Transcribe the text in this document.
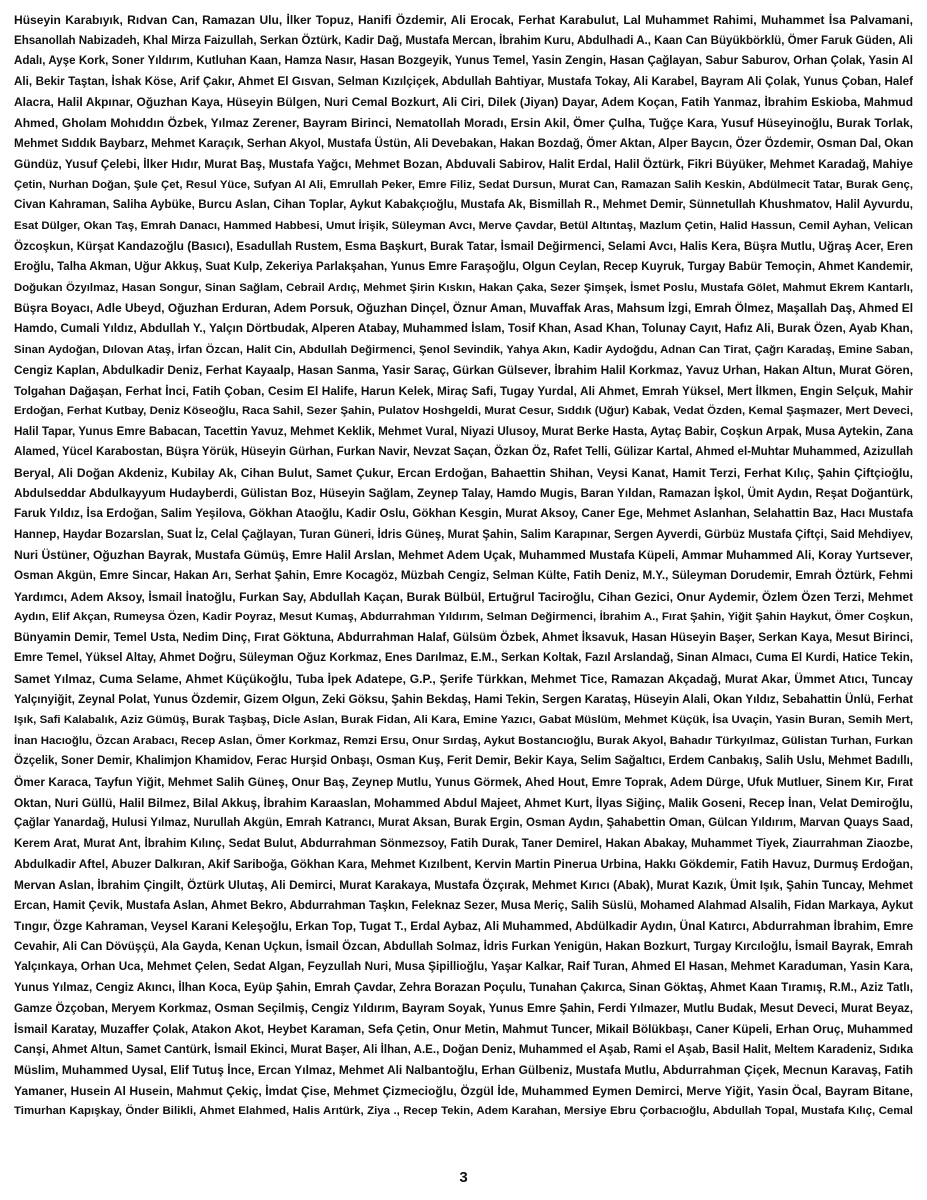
Hüseyin Karabıyık, Rıdvan Can, Ramazan Ulu, İlker Topuz, Hanifi Özdemir, Ali Erocak, Ferhat Karabulut, Lal Muhammet Rahimi, Muhammet İsa Palvamani,
Ehsanollah Nabizadeh, Khal Mirza Faizullah, Serkan Öztürk, Kadir Dağ, Mustafa Mercan, İbrahim Kuru, Abdulhadi A., Kaan Can Büyükbörklü, Ömer Faruk Güden, Ali
Adalı, Ayşe Kork, Soner Yıldırım, Kutluhan Kaan, Hamza Nasır, Hasan Bozgeyik, Yunus Temel, Yasin Zengin, Hasan Çağlayan, Sabur Saburov, Orhan Çolak, Yasin Al
Ali, Bekir Taştan, İshak Köse, Arif Çakır, Ahmet El Gısvan, Selman Kızılçiçek, Abdullah Bahtiyar, Mustafa Tokay, Ali Karabel, Bayram Ali Çolak, Yunus Çoban, Halef
Alacra, Halil Akpınar, Oğuzhan Kaya, Hüseyin Bülgen, Nuri Cemal Bozkurt, Ali Ciri, Dilek (Jiyan) Dayar, Adem Koçan, Fatih Yanmaz, İbrahim Eskioba, Mahmud
Ahmed, Gholam Mohıddın Özbek, Yılmaz Zerener, Bayram Birinci, Nematollah Moradı, Ersin Akil, Ömer Çulha, Tuğçe Kara, Yusuf Hüseyinoğlu, Burak Torlak,
Mehmet Sıddık Baybarz, Mehmet Karaçık, Serhan Akyol, Mustafa Üstün, Ali Devebakan, Hakan Bozdağ, Ömer Aktan, Alper Baycın, Özer Özdemir, Osman Dal, Okan
Gündüz, Yusuf Çelebi, İlker Hıdır, Murat Baş, Mustafa Yağcı, Mehmet Bozan, Abduvali Sabirov, Halit Erdal, Halil Öztürk, Fikri Büyüker, Mehmet Karadağ, Mahiye
Çetin, Nurhan Doğan, Şule Çet, Resul Yüce, Sufyan Al Ali, Emrullah Peker, Emre Filiz, Sedat Dursun, Murat Can, Ramazan Salih Keskin, Abdülmecit Tatar, Burak Genç,
Civan Kahraman, Saliha Aybüke, Burcu Aslan, Cihan Toplar, Aykut Kabakçıoğlu, Mustafa Ak, Bismillah R., Mehmet Demir, Sünnetullah Khushmatov, Halil Ayvurdu,
Esat Dülger, Okan Taş, Emrah Danacı, Hammed Habbesi, Umut İrişik, Süleyman Avcı, Merve Çavdar, Betül Altıntaş, Mazlum Çetin, Halid Hassun, Cemil Ayhan, Velican
Özcoşkun, Kürşat Kandazoğlu (Basıcı), Esadullah Rustem, Esma Başkurt, Burak Tatar, İsmail Değirmenci, Selami Avcı, Halis Kera, Büşra Mutlu, Uğraş Acer, Eren
Eroğlu, Talha Akman, Uğur Akkuş, Suat Kulp, Zekeriya Parlakşahan, Yunus Emre Faraşoğlu, Olgun Ceylan, Recep Kuyruk, Turgay Babür Temoçin, Ahmet Kandemir,
Doğukan Özyılmaz, Hasan Songur, Sinan Sağlam, Cebrail Ardıç, Mehmet Şirin Kıskın, Hakan Çaka, Sezer Şimşek, İsmet Poslu, Mustafa Gölet, Mahmut Ekrem Kantarlı,
Büşra Boyacı, Adle Ubeyd, Oğuzhan Erduran, Adem Porsuk, Oğuzhan Dinçel, Öznur Aman, Muvaffak Aras, Mahsum İzgi, Emrah Ölmez, Maşallah Daş, Ahmed El
Hamdo, Cumali Yıldız, Abdullah Y., Yalçın Dörtbudak, Alperen Atabay, Muhammed İslam, Tosif Khan, Asad Khan, Tolunay Cayıt, Hafız Ali, Burak Özen, Ayab Khan,
Sinan Aydoğan, Dılovan Ataş, İrfan Özcan, Halit Cin, Abdullah Değirmenci, Şenol Sevindik, Yahya Akın, Kadir Aydoğdu, Adnan Can Tirat, Çağrı Karadaş, Emine Saban,
Cengiz Kaplan, Abdulkadir Deniz, Ferhat Kayaalp, Hasan Sanma, Yasir Saraç, Gürkan Gülsever, İbrahim Halil Korkmaz, Yavuz Urhan, Hakan Altun, Murat Gören,
Tolgahan Dağaşan, Ferhat İnci, Fatih Çoban, Cesim El Halife, Harun Kelek, Miraç Safi, Tugay Yurdal, Ali Ahmet, Emrah Yüksel, Mert İlkmen, Engin Selçuk, Mahir
Erdoğan, Ferhat Kutbay, Deniz Köseoğlu, Raca Sahil, Sezer Şahin, Pulatov Hoshgeldi, Murat Cesur, Sıddık (Uğur) Kabak, Vedat Özden, Kemal Şaşmazer, Mert Deveci,
Halil Tapar, Yunus Emre Babacan, Tacettin Yavuz, Mehmet Keklik, Mehmet Vural, Niyazi Ulusoy, Murat Berke Hasta, Aytaç Babir, Coşkun Arpak, Musa Aytekin, Zana
Alamed, Yücel Karabostan, Büşra Yörük, Hüseyin Gürhan, Furkan Navir, Nevzat Saçan, Özkan Öz, Rafet Telli, Gülizar Kartal, Ahmed el-Muhtar Muhammed, Azizullah
Beryal, Ali Doğan Akdeniz, Kubilay Ak, Cihan Bulut, Samet Çukur, Ercan Erdoğan, Bahaettin Shihan, Veysi Kanat, Hamit Terzi, Ferhat Kılıç, Şahin Çiftçioğlu,
Abdulseddar Abdulkayyum Hudayberdi, Gülistan Boz, Hüseyin Sağlam, Zeynep Talay, Hamdo Mugis, Baran Yıldan, Ramazan İşkol, Ümit Aydın, Reşat Doğantürk,
Faruk Yıldız, İsa Erdoğan, Salim Yeşilova, Gökhan Ataoğlu, Kadir Oslu, Gökhan Kesgin, Murat Aksoy, Caner Ege, Mehmet Aslanhan, Selahattin Baz, Hacı Mustafa
Hannep, Haydar Bozarslan, Suat İz, Celal Çağlayan, Turan Güneri, İdris Güneş, Murat Şahin, Salim Karapınar, Sergen Ayverdi, Gürbüz Mustafa Çiftçi, Said Mehdiyev,
Nuri Üstüner, Oğuzhan Bayrak, Mustafa Gümüş, Emre Halil Arslan, Mehmet Adem Uçak, Muhammed Mustafa Küpeli, Ammar Muhammed Ali, Koray Yurtsever,
Osman Akgün, Emre Sincar, Hakan Arı, Serhat Şahin, Emre Kocagöz, Müzbah Cengiz, Selman Külte, Fatih Deniz, M.Y., Süleyman Dorudemir, Emrah Öztürk, Fehmi
Yardımcı, Adem Aksoy, İsmail İnatoğlu, Furkan Say, Abdullah Kaçan, Burak Bülbül, Ertuğrul Taciroğlu, Cihan Gezici, Onur Aydemir, Özlem Özen Terzi, Mehmet
Aydın, Elif Akçan, Rumeysa Özen, Kadir Poyraz, Mesut Kumaş, Abdurrahman Yıldırım, Selman Değirmenci, İbrahim A., Fırat Şahin, Yiğit Şahin Haykut, Ömer Coşkun,
Bünyamin Demir, Temel Usta, Nedim Dinç, Fırat Göktuna, Abdurrahman Halaf, Gülsüm Özbek, Ahmet İksavuk, Hasan Hüseyin Başer, Serkan Kaya, Mesut Birinci,
Emre Temel, Yüksel Altay, Ahmet Doğru, Süleyman Oğuz Korkmaz, Enes Darılmaz, E.M., Serkan Koltak, Fazıl Arslandağ, Sinan Almacı, Cuma El Kurdi, Hatice Tekin,
Samet Yılmaz, Cuma Selame, Ahmet Küçükoğlu, Tuba İpek Adatepe, G.P., Şerife Türkkan, Mehmet Tice, Ramazan Akçadağ, Murat Akar, Ümmet Atıcı, Tuncay
Yalçınyiğit, Zeynal Polat, Yunus Özdemir, Gizem Olgun, Zeki Göksu, Şahin Bekdaş, Hami Tekin, Sergen Karataş, Hüseyin Alali, Okan Yıldız, Sebahattin Ünlü, Ferhat
Işık, Safi Kalabalık, Aziz Gümüş, Burak Taşbaş, Dicle Aslan, Burak Fidan, Ali Kara, Emine Yazıcı, Gabat Müslüm, Mehmet Küçük, İsa Uvaçin, Yasin Buran, Semih Mert,
İnan Hacıoğlu, Özcan Arabacı, Recep Aslan, Ömer Korkmaz, Remzi Ersu, Onur Sırdaş, Aykut Bostancıoğlu, Burak Akyol, Bahadır Türkyılmaz, Gülistan Turhan, Furkan
Özçelik, Soner Demir, Khalimjon Khamidov, Ferac Hurşid Onbaşı, Osman Kuş, Ferit Demir, Bekir Kaya, Selim Sağaltıcı, Erdem Canbakış, Salih Uslu, Mehmet Badıllı,
Ömer Karaca, Tayfun Yiğit, Mehmet Salih Güneş, Onur Baş, Zeynep Mutlu, Yunus Görmek, Ahed Hout, Emre Toprak, Adem Dürge, Ufuk Mutluer, Sinem Kır, Fırat
Oktan, Nuri Güllü, Halil Bilmez, Bilal Akkuş, İbrahim Karaaslan, Mohammed Abdul Majeet, Ahmet Kurt, İlyas Siğinç, Malik Goseni, Recep İnan, Velat Demiroğlu,
Çağlar Yanardağ, Hulusi Yılmaz, Nurullah Akgün, Emrah Katrancı, Murat Aksan, Burak Ergin, Osman Aydın, Şahabettin Oman, Gülcan Yıldırım, Marvan Quays Saad,
Kerem Arat, Murat Ant, İbrahim Kılınç, Sedat Bulut, Abdurrahman Sönmezsoy, Fatih Durak, Taner Demirel, Hakan Abakay, Muhammet Tiyek, Ziaurrahman Ziaozbe,
Abdulkadir Aftel, Abuzer Dalkıran, Akif Sariboğa, Gökhan Kara, Mehmet Kızılbent, Kervin Martin Pinerua Urbina, Hakkı Gökdemir, Fatih Havuz, Durmuş Erdoğan,
Mervan Aslan, İbrahim Çingilt, Öztürk Ulutaş, Ali Demirci, Murat Karakaya, Mustafa Özçırak, Mehmet Kırıcı (Abak), Murat Kazık, Ümit Işık, Şahin Tuncay, Mehmet
Ercan, Hamit Çevik, Mustafa Aslan, Ahmet Bekro, Abdurrahman Taşkın, Feleknaz Sezer, Musa Meriç, Salih Süslü, Mohamed Alahmad Alsalih, Fidan Markaya, Aykut
Tıngır, Özge Kahraman, Veysel Karani Keleşoğlu, Erkan Top, Tugat T., Erdal Aybaz, Ali Muhammed, Abdülkadir Aydın, Ünal Katırcı, Abdurrahman İbrahim, Emre
Cevahir, Ali Can Dövüşçü, Ala Gayda, Kenan Uçkun, İsmail Özcan, Abdullah Solmaz, İdris Furkan Yenigün, Hakan Bozkurt, Turgay Kırcıloğlu, İsmail Bayrak, Emrah
Yalçınkaya, Orhan Uca, Mehmet Çelen, Sedat Algan, Feyzullah Nuri, Musa Şipillioğlu, Yaşar Kalkar, Raif Turan, Ahmed El Hasan, Mehmet Karaduman, Yasin Kara,
Yunus Yılmaz, Cengiz Akıncı, İlhan Koca, Eyüp Şahin, Emrah Çavdar, Zehra Borazan Poçulu, Tunahan Çakırca, Sinan Göktaş, Ahmet Kaan Tıramış, R.M., Aziz Tatlı,
Gamze Özçoban, Meryem Korkmaz, Osman Seçilmiş, Cengiz Yıldırım, Bayram Soyak, Yunus Emre Şahin, Ferdi Yılmazer, Mutlu Budak, Mesut Deveci, Murat Beyaz,
İsmail Karatay, Muzaffer Çolak, Atakon Akot, Heybet Karaman, Sefa Çetin, Onur Metin, Mahmut Tuncer, Mikail Bölükbaşı, Caner Küpeli, Erhan Oruç, Muhammed
Canşi, Ahmet Altun, Samet Cantürk, İsmail Ekinci, Murat Başer, Ali İlhan, A.E., Doğan Deniz, Muhammed el Aşab, Rami el Aşab, Basil Halit, Meltem Karadeniz, Sıdıka
Müslim, Muhammed Uysal, Elif Tutuş İnce, Ercan Yılmaz, Mehmet Ali Nalbantoğlu, Erhan Gülbeniz, Mustafa Mutlu, Abdurrahman Çiçek, Mecnun Karavaş, Fatih
Yamaner, Husein Al Husein, Mahmut Çekiç, İmdat Çise, Mehmet Çizmecioğlu, Özgül İde, Muhammed Eymen Demirci, Merve Yiğit, Yasin Öcal, Bayram Bitane,
Timurhan Kapışkay, Önder Bilikli, Ahmet Elahmed, Halis Arıtürk, Ziya ., Recep Tekin, Adem Karahan, Mersiye Ebru Çorbacıoğlu, Abdullah Topal, Mustafa Kılıç, Cemal
3
